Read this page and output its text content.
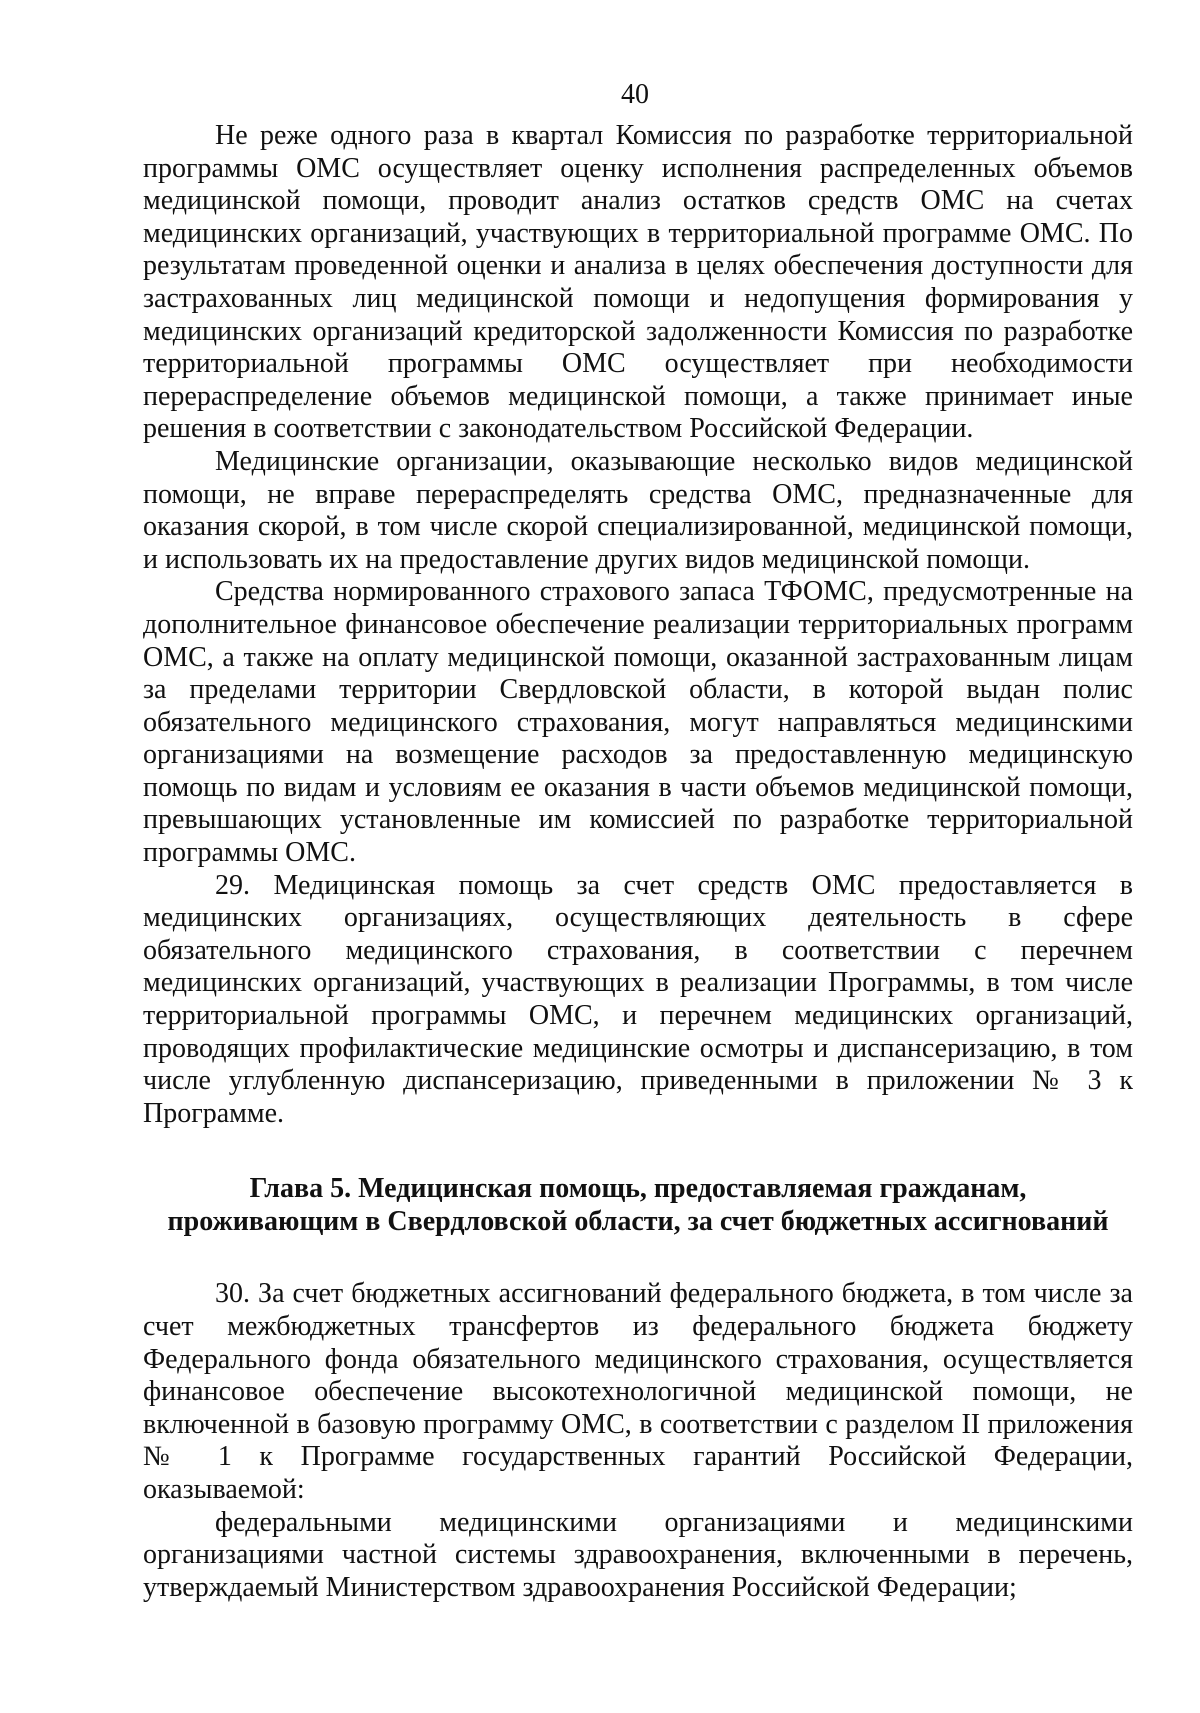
40

Не реже одного раза в квартал Комиссия по разработке территориальной программы ОМС осуществляет оценку исполнения распределенных объемов медицинской помощи, проводит анализ остатков средств ОМС на счетах медицинских организаций, участвующих в территориальной программе ОМС. По результатам проведенной оценки и анализа в целях обеспечения доступности для застрахованных лиц медицинской помощи и недопущения формирования у медицинских организаций кредиторской задолженности Комиссия по разработке территориальной программы ОМС осуществляет при необходимости перераспределение объемов медицинской помощи, а также принимает иные решения в соответствии с законодательством Российской Федерации.

Медицинские организации, оказывающие несколько видов медицинской помощи, не вправе перераспределять средства ОМС, предназначенные для оказания скорой, в том числе скорой специализированной, медицинской помощи, и использовать их на предоставление других видов медицинской помощи.

Средства нормированного страхового запаса ТФОМС, предусмотренные на дополнительное финансовое обеспечение реализации территориальных программ ОМС, а также на оплату медицинской помощи, оказанной застрахованным лицам за пределами территории Свердловской области, в которой выдан полис обязательного медицинского страхования, могут направляться медицинскими организациями на возмещение расходов за предоставленную медицинскую помощь по видам и условиям ее оказания в части объемов медицинской помощи, превышающих установленные им комиссией по разработке территориальной программы ОМС.

29. Медицинская помощь за счет средств ОМС предоставляется в медицинских организациях, осуществляющих деятельность в сфере обязательного медицинского страхования, в соответствии с перечнем медицинских организаций, участвующих в реализации Программы, в том числе территориальной программы ОМС, и перечнем медицинских организаций, проводящих профилактические медицинские осмотры и диспансеризацию, в том числе углубленную диспансеризацию, приведенными в приложении № 3 к Программе.

Глава 5. Медицинская помощь, предоставляемая гражданам,
проживающим в Свердловской области, за счет бюджетных ассигнований

30. За счет бюджетных ассигнований федерального бюджета, в том числе за счет межбюджетных трансфертов из федерального бюджета бюджету Федерального фонда обязательного медицинского страхования, осуществляется финансовое обеспечение высокотехнологичной медицинской помощи, не включенной в базовую программу ОМС, в соответствии с разделом II приложения № 1 к Программе государственных гарантий Российской Федерации, оказываемой:

федеральными медицинскими организациями и медицинскими организациями частной системы здравоохранения, включенными в перечень, утверждаемый Министерством здравоохранения Российской Федерации;
